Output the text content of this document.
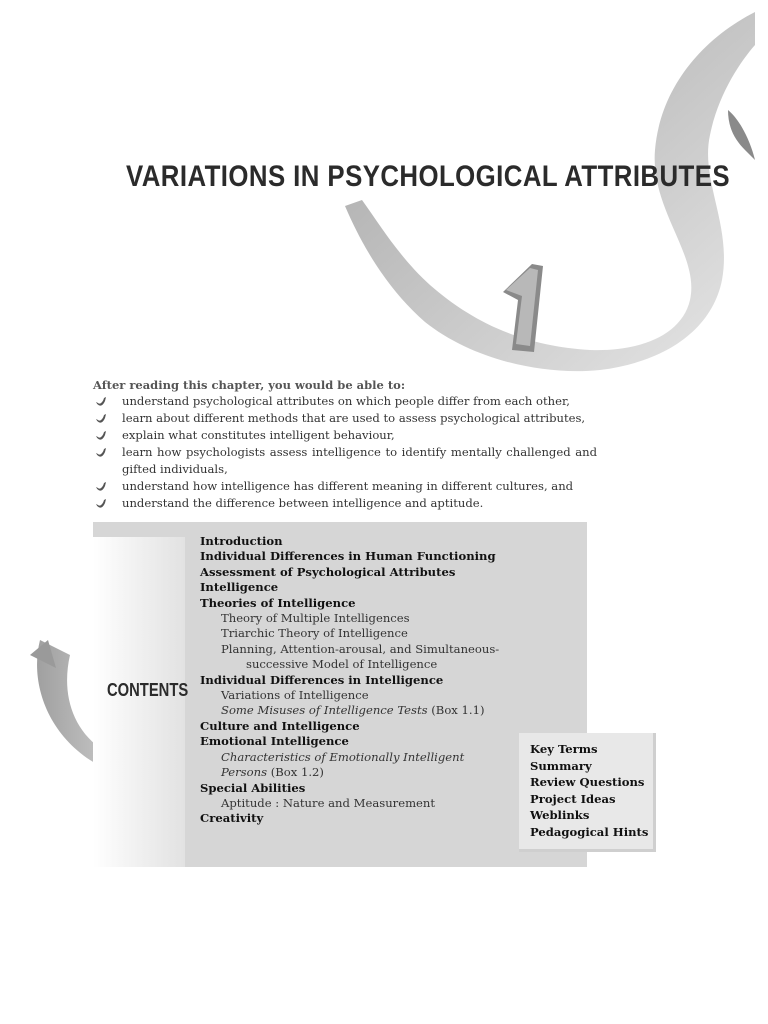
VARIATIONS IN PSYCHOLOGICAL ATTRIBUTES

After reading this chapter, you would be able to:

understand psychological attributes on which people differ from each other,
learn about different methods that are used to assess psychological attributes,
explain what constitutes intelligent behaviour,
learn how psychologists assess intelligence to identify mentally challenged and gifted individuals,
understand how intelligence has different meaning in different cultures, and
understand the difference between intelligence and aptitude.
CONTENTS
Introduction
Individual Differences in Human Functioning
Assessment of Psychological Attributes
Intelligence
Theories of Intelligence
Theory of Multiple Intelligences
Triarchic Theory of Intelligence
Planning, Attention-arousal, and Simultaneous-
successive Model of Intelligence
Individual Differences in Intelligence
Variations of Intelligence
Some Misuses of Intelligence Tests (Box 1.1)
Culture and Intelligence
Emotional Intelligence
Characteristics of Emotionally Intelligent
Persons (Box 1.2)
Special Abilities
Aptitude : Nature and Measurement
Creativity
Key Terms
Summary
Review Questions
Project Ideas
Weblinks
Pedagogical Hints
